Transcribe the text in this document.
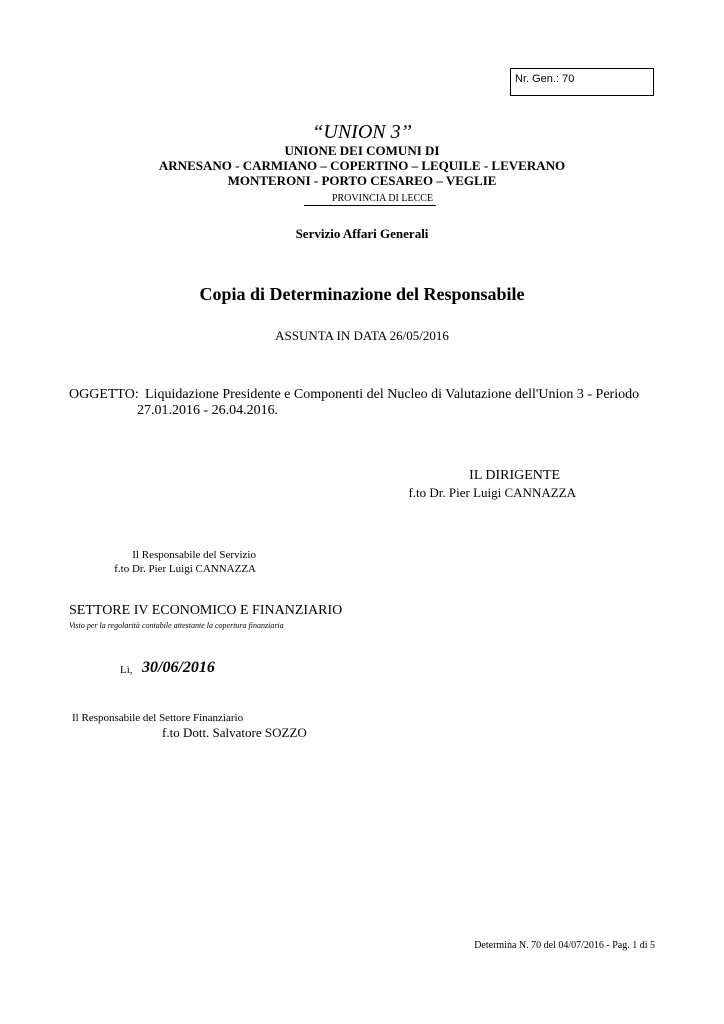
Nr. Gen.: 70
“UNION 3’’
UNIONE DEI COMUNI DI
ARNESANO - CARMIANO – COPERTINO – LEQUILE - LEVERANO
MONTERONI - PORTO CESAREO – VEGLIE
PROVINCIA DI LECCE
Servizio Affari Generali
Copia di Determinazione del Responsabile
ASSUNTA IN DATA 26/05/2016
OGGETTO: Liquidazione Presidente e Componenti del Nucleo di Valutazione dell'Union 3 - Periodo 27.01.2016 - 26.04.2016.
IL DIRIGENTE
f.to Dr. Pier Luigi CANNAZZA
Il Responsabile del Servizio
f.to Dr. Pier Luigi CANNAZZA
SETTORE IV ECONOMICO E FINANZIARIO
Visto per la regolarità contabile attestante la copertura finanziaria
Lì, 30/06/2016
Il Responsabile del Settore Finanziario
f.to Dott. Salvatore SOZZO
Determina N. 70 del 04/07/2016 - Pag. 1 di 5
